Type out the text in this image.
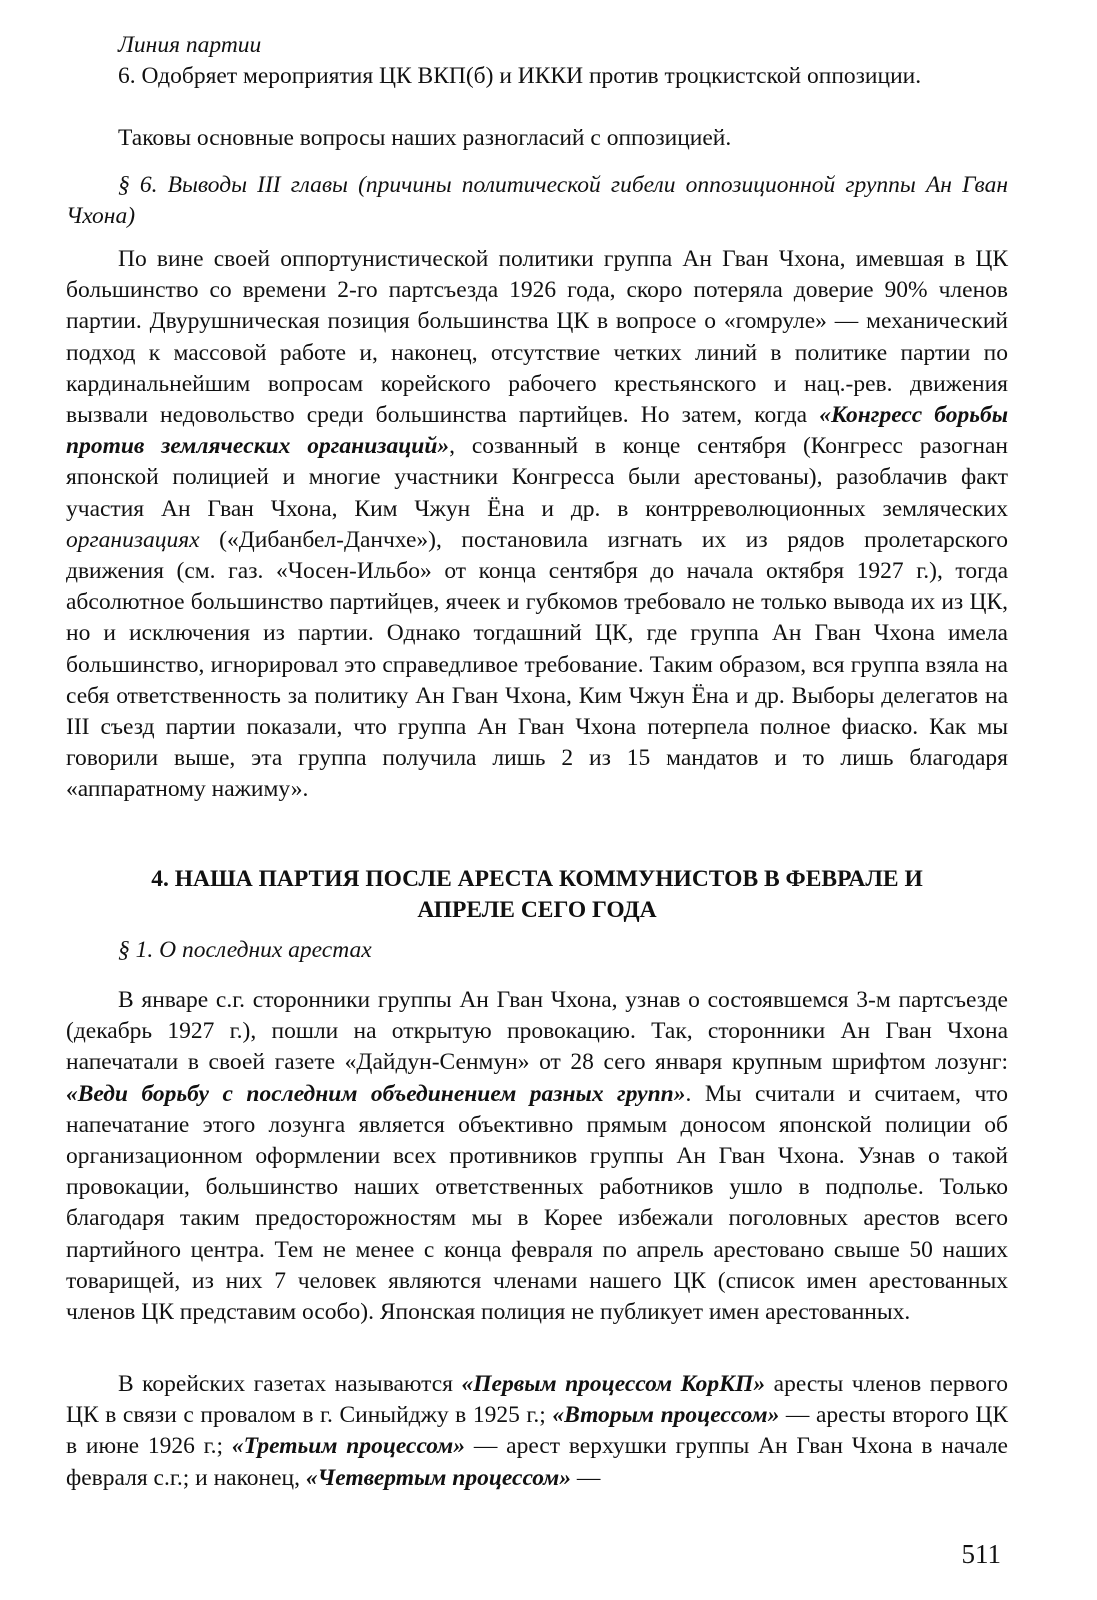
Линия партии

6. Одобряет мероприятия ЦК ВКП(б) и ИККИ против троцкистской оппозиции.

Таковы основные вопросы наших разногласий с оппозицией.

§ 6. Выводы III главы (причины политической гибели оппозиционной группы Ан Гван Чхона)

По вине своей оппортунистической политики группа Ан Гван Чхона, имевшая в ЦК большинство со времени 2-го партсъезда 1926 года, скоро потеряла доверие 90% членов партии. Двурушническая позиция большинства ЦК в вопросе о «гомруле» — механический подход к массовой работе и, наконец, отсутствие четких линий в политике партии по кардинальнейшим вопросам корейского рабочего крестьянского и нац.-рев. движения вызвали недовольство среди большинства партийцев. Но затем, когда «Конгресс борьбы против землячеcких организаций», созванный в конце сентября (Конгресс разогнан японской полицией и многие участники Конгресса были арестованы), разоблачив факт участия Ан Гван Чхона, Ким Чжун Ёна и др. в контрреволюционных землячеcких организациях («Дибанбел-Данчхе»), постановила изгнать их из рядов пролетарского движения (см. газ. «Чосен-Ильбо» от конца сентября до начала октября 1927 г.), тогда абсолютное большинство партийцев, ячеек и губкомов требовало не только вывода их из ЦК, но и исключения из партии. Однако тогдашний ЦК, где группа Ан Гван Чхона имела большинство, игнорировал это справедливое требование. Таким образом, вся группа взяла на себя ответственность за политику Ан Гван Чхона, Ким Чжун Ёна и др. Выборы делегатов на III съезд партии показали, что группа Ан Гван Чхона потерпела полное фиаско. Как мы говорили выше, эта группа получила лишь 2 из 15 мандатов и то лишь благодаря «аппаратному нажиму».

4. НАША ПАРТИЯ ПОСЛЕ АРЕСТА КОММУНИСТОВ В ФЕВРАЛЕ И
АПРЕЛЕ СЕГО ГОДА

§ 1. О последних арестах

В январе с.г. сторонники группы Ан Гван Чхона, узнав о состоявшемся 3-м партсъезде (декабрь 1927 г.), пошли на открытую провокацию. Так, сторонники Ан Гван Чхона напечатали в своей газете «Дайдун-Сенмун» от 28 сего января крупным шрифтом лозунг: «Веди борьбу с последним объединением разных групп». Мы считали и считаем, что напечатание этого лозунга является объективно прямым доносом японской полиции об организационном оформлении всех противников группы Ан Гван Чхона. Узнав о такой провокации, большинство наших ответственных работников ушло в подполье. Только благодаря таким предосторожностям мы в Корее избежали поголовных арестов всего партийного центра. Тем не менее с конца февраля по апрель арестовано свыше 50 наших товарищей, из них 7 человек являются членами нашего ЦК (список имен арестованных членов ЦК представим особо). Японская полиция не публикует имен арестованных.

В корейских газетах называются «Первым процессом КорКП» аресты членов первого ЦК в связи с провалом в г. Синыйджу в 1925 г.; «Вторым процессом» — аресты второго ЦК в июне 1926 г.; «Третьим процессом» — арест верхушки группы Ан Гван Чхона в начале февраля с.г.; и наконец, «Четвертым процессом» —

511
